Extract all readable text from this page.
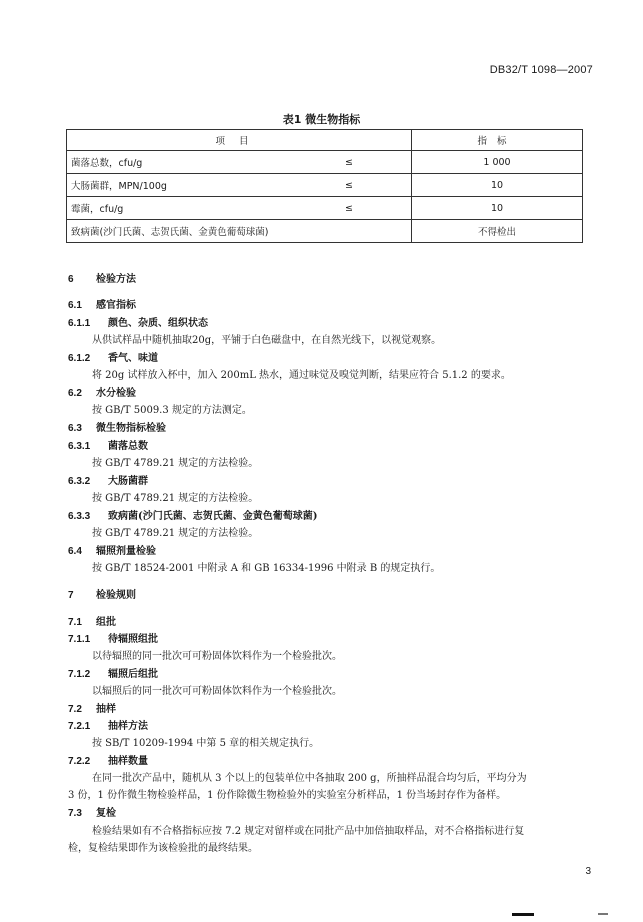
DB32/T 1098—2007
表1 微生物指标
项目		指标
菌落总数，cfu/g	≤	1 000
大肠菌群，MPN/100g	≤	10
霉菌，cfu/g	≤	10
致病菌(沙门氏菌、志贺氏菌、金黄色葡萄球菌)		不得检出
6 检验方法
6.1 感官指标
6.1.1 颜色、杂质、组织状态
从供试样品中随机抽取20g，平铺于白色磁盘中，在自然光线下，以视觉观察。
6.1.2 香气、味道
将 20g 试样放入杯中，加入 200mL 热水，通过味觉及嗅觉判断，结果应符合 5.1.2 的要求。
6.2 水分检验
按 GB/T 5009.3 规定的方法测定。
6.3 微生物指标检验
6.3.1 菌落总数
按 GB/T 4789.21 规定的方法检验。
6.3.2 大肠菌群
按 GB/T 4789.21 规定的方法检验。
6.3.3 致病菌(沙门氏菌、志贺氏菌、金黄色葡萄球菌)
按 GB/T 4789.21 规定的方法检验。
6.4 辐照剂量检验
按 GB/T 18524-2001 中附录 A 和 GB 16334-1996 中附录 B 的规定执行。
7 检验规则
7.1 组批
7.1.1 待辐照组批
以待辐照的同一批次可可粉固体饮料作为一个检验批次。
7.1.2 辐照后组批
以辐照后的同一批次可可粉固体饮料作为一个检验批次。
7.2 抽样
7.2.1 抽样方法
按 SB/T 10209-1994 中第 5 章的相关规定执行。
7.2.2 抽样数量
在同一批次产品中，随机从 3 个以上的包装单位中各抽取 200 g，所抽样品混合均匀后，平均分为
3 份，1 份作微生物检验样品，1 份作除微生物检验外的实验室分析样品，1 份当场封存作为备样。
7.3 复检
检验结果如有不合格指标应按 7.2 规定对留样或在同批产品中加倍抽取样品，对不合格指标进行复
检，复检结果即作为该检验批的最终结果。
3
